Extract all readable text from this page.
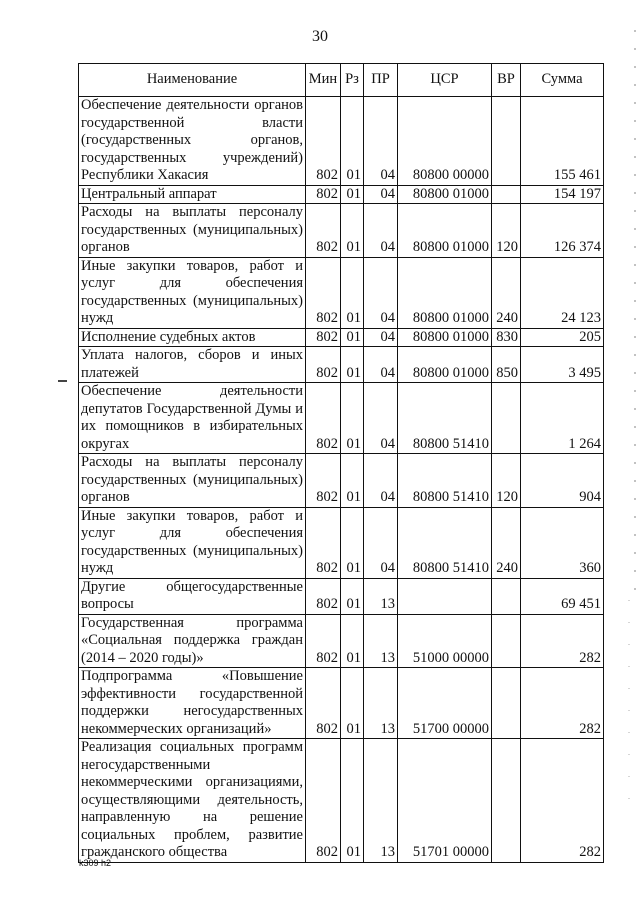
30
Наименование	Мин	Рз	ПР	ЦСР	ВР	Сумма
Обеспечение деятельности органов государственной власти (государственных органов, государственных учреждений) Республики Хакасия	802	01	04	80800 00000		155 461
Центральный аппарат	802	01	04	80800 01000		154 197
Расходы на выплаты персоналу государственных (муниципальных) органов	802	01	04	80800 01000	120	126 374
Иные закупки товаров, работ и услуг для обеспечения государственных (муниципальных) нужд	802	01	04	80800 01000	240	24 123
Исполнение судебных актов	802	01	04	80800 01000	830	205
Уплата налогов, сборов и иных платежей	802	01	04	80800 01000	850	3 495
Обеспечение деятельности депутатов Государственной Думы и их помощников в избирательных округах	802	01	04	80800 51410		1 264
Расходы на выплаты персоналу государственных (муниципальных) органов	802	01	04	80800 51410	120	904
Иные закупки товаров, работ и услуг для обеспечения государственных (муниципальных) нужд	802	01	04	80800 51410	240	360
Другие общегосударственные вопросы	802	01	13			69 451
Государственная программа «Социальная поддержка граждан (2014 – 2020 годы)»	802	01	13	51000 00000		282
Подпрограмма «Повышение эффективности государственной поддержки негосударственных некоммерческих организаций»	802	01	13	51700 00000		282
Реализация социальных программ негосударственными некоммерческими организациями, осуществляющими деятельность, направленную на решение социальных проблем, развитие гражданского общества	802	01	13	51701 00000		282
k309 h2
